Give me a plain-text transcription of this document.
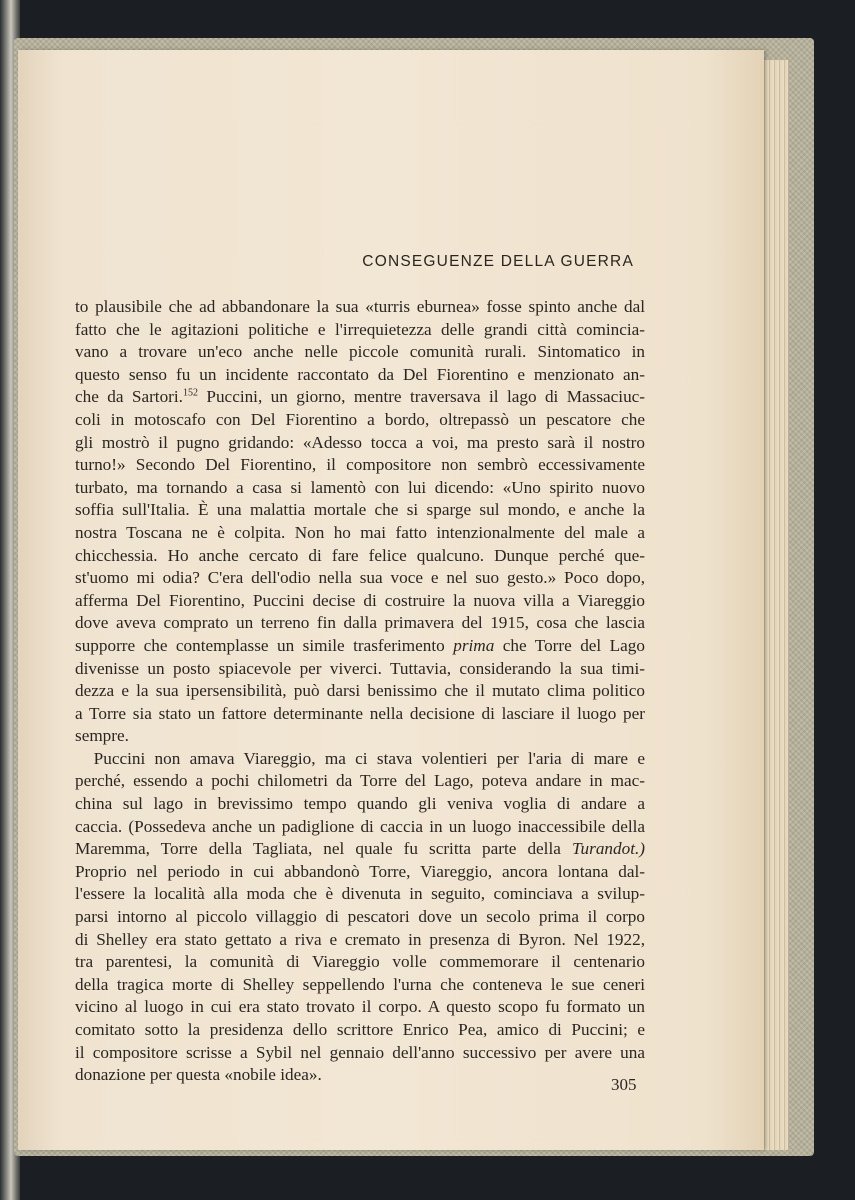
CONSEGUENZE DELLA GUERRA

to plausibile che ad abbandonare la sua «turris eburnea» fosse spinto anche dal

fatto che le agitazioni politiche e l'irrequietezza delle grandi città comincia-

vano a trovare un'eco anche nelle piccole comunità rurali. Sintomatico in

questo senso fu un incidente raccontato da Del Fiorentino e menzionato an-

che da Sartori.$^{152}$ Puccini, un giorno, mentre traversava il lago di Massaciuc-

coli in motoscafo con Del Fiorentino a bordo, oltrepassò un pescatore che

gli mostrò il pugno gridando: «Adesso tocca a voi, ma presto sarà il nostro

turno!» Secondo Del Fiorentino, il compositore non sembrò eccessivamente

turbato, ma tornando a casa si lamentò con lui dicendo: «Uno spirito nuovo

soffia sull'Italia. È una malattia mortale che si sparge sul mondo, e anche la

nostra Toscana ne è colpita. Non ho mai fatto intenzionalmente del male a

chicchessia. Ho anche cercato di fare felice qualcuno. Dunque perché que-

st'uomo mi odia? C'era dell'odio nella sua voce e nel suo gesto.» Poco dopo,

afferma Del Fiorentino, Puccini decise di costruire la nuova villa a Viareggio

dove aveva comprato un terreno fin dalla primavera del 1915, cosa che lascia

supporre che contemplasse un simile trasferimento prima che Torre del Lago

divenisse un posto spiacevole per viverci. Tuttavia, considerando la sua timi-

dezza e la sua ipersensibilità, può darsi benissimo che il mutato clima politico

a Torre sia stato un fattore determinante nella decisione di lasciare il luogo per

sempre.

Puccini non amava Viareggio, ma ci stava volentieri per l'aria di mare e

perché, essendo a pochi chilometri da Torre del Lago, poteva andare in mac-

china sul lago in brevissimo tempo quando gli veniva voglia di andare a

caccia. (Possedeva anche un padiglione di caccia in un luogo inaccessibile della

Maremma, Torre della Tagliata, nel quale fu scritta parte della Turandot.)

Proprio nel periodo in cui abbandonò Torre, Viareggio, ancora lontana dal-

l'essere la località alla moda che è divenuta in seguito, cominciava a svilup-

parsi intorno al piccolo villaggio di pescatori dove un secolo prima il corpo

di Shelley era stato gettato a riva e cremato in presenza di Byron. Nel 1922,

tra parentesi, la comunità di Viareggio volle commemorare il centenario

della tragica morte di Shelley seppellendo l'urna che conteneva le sue ceneri

vicino al luogo in cui era stato trovato il corpo. A questo scopo fu formato un

comitato sotto la presidenza dello scrittore Enrico Pea, amico di Puccini; e

il compositore scrisse a Sybil nel gennaio dell'anno successivo per avere una

donazione per questa «nobile idea».

305
